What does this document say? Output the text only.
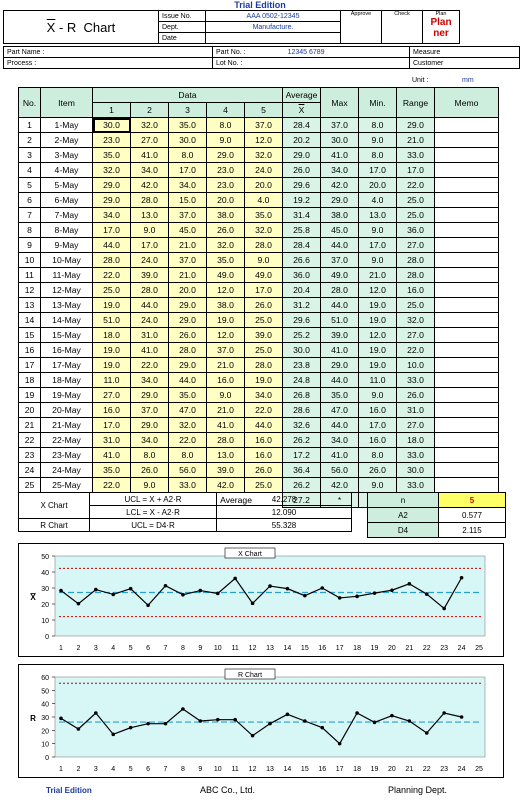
Trial Edition
$\overline{X}$ - R  Chart	Issue No.	AAA 0502-12345	Approve	Check	Plan
Plan ner

	Dept.	Manufacture.			
	Date				
Part Name :	Part No. : 12345 6789	Measure
Process :	Lot No. :	Customer
Unit :	mm
No.	Item	Data					Average	Max	Min.	Range	Memo
		1	2	3	4	5	$\overline{X}$
1	1-May	30.0	32.0	35.0	8.0	37.0	28.4	37.0	8.0	29.0	
2	2-May	23.0	27.0	30.0	9.0	12.0	20.2	30.0	9.0	21.0	
3	3-May	35.0	41.0	8.0	29.0	32.0	29.0	41.0	8.0	33.0	
4	4-May	32.0	34.0	17.0	23.0	24.0	26.0	34.0	17.0	17.0	
5	5-May	29.0	42.0	34.0	23.0	20.0	29.6	42.0	20.0	22.0	
6	6-May	29.0	28.0	15.0	20.0	4.0	19.2	29.0	4.0	25.0	
7	7-May	34.0	13.0	37.0	38.0	35.0	31.4	38.0	13.0	25.0	
8	8-May	17.0	9.0	45.0	26.0	32.0	25.8	45.0	9.0	36.0	
9	9-May	44.0	17.0	21.0	32.0	28.0	28.4	44.0	17.0	27.0	
10	10-May	28.0	24.0	37.0	35.0	9.0	26.6	37.0	9.0	28.0	
11	11-May	22.0	39.0	21.0	49.0	49.0	36.0	49.0	21.0	28.0	
12	12-May	25.0	28.0	20.0	12.0	17.0	20.4	28.0	12.0	16.0	
13	13-May	19.0	44.0	29.0	38.0	26.0	31.2	44.0	19.0	25.0	
14	14-May	51.0	24.0	29.0	19.0	25.0	29.6	51.0	19.0	32.0	
15	15-May	18.0	31.0	26.0	12.0	39.0	25.2	39.0	12.0	27.0	
16	16-May	19.0	41.0	28.0	37.0	25.0	30.0	41.0	19.0	22.0	
17	17-May	19.0	22.0	29.0	21.0	28.0	23.8	29.0	19.0	10.0	
18	18-May	11.0	34.0	44.0	16.0	19.0	24.8	44.0	11.0	33.0	
19	19-May	27.0	29.0	35.0	9.0	34.0	26.8	35.0	9.0	26.0	
20	20-May	16.0	37.0	47.0	21.0	22.0	28.6	47.0	16.0	31.0	
21	21-May	17.0	29.0	32.0	41.0	44.0	32.6	44.0	17.0	27.0	
22	22-May	31.0	34.0	22.0	28.0	16.0	26.2	34.0	16.0	18.0	
23	23-May	41.0	8.0	8.0	13.0	16.0	17.2	41.0	8.0	33.0	
24	24-May	35.0	26.0	56.0	39.0	26.0	36.4	56.0	26.0	30.0	
25	25-May	22.0	9.0	33.0	42.0	25.0	26.2	42.0	9.0	33.0	
Average							27.2	*			
X Chart	UCL = X + A2·R	42.278
	LCL = X - A2·R	12.090
R Chart	UCL = D4·R	55.328
n	5
A2	0.577
D4	2.115
0
10
20
30
40
50
1 2 3 4 5 6 7 8 9 10 11 12 13 14 15 16 17 18 19 20 21 22 23 24 25
X
X Chart
0
10
20
30
40
50
60
1 2 3 4 5 6 7 8 9 10 11 12 13 14 15 16 17 18 19 20 21 22 23 24 25
R
R Chart
Trial Edition	ABC Co., Ltd.	Planning Dept.
